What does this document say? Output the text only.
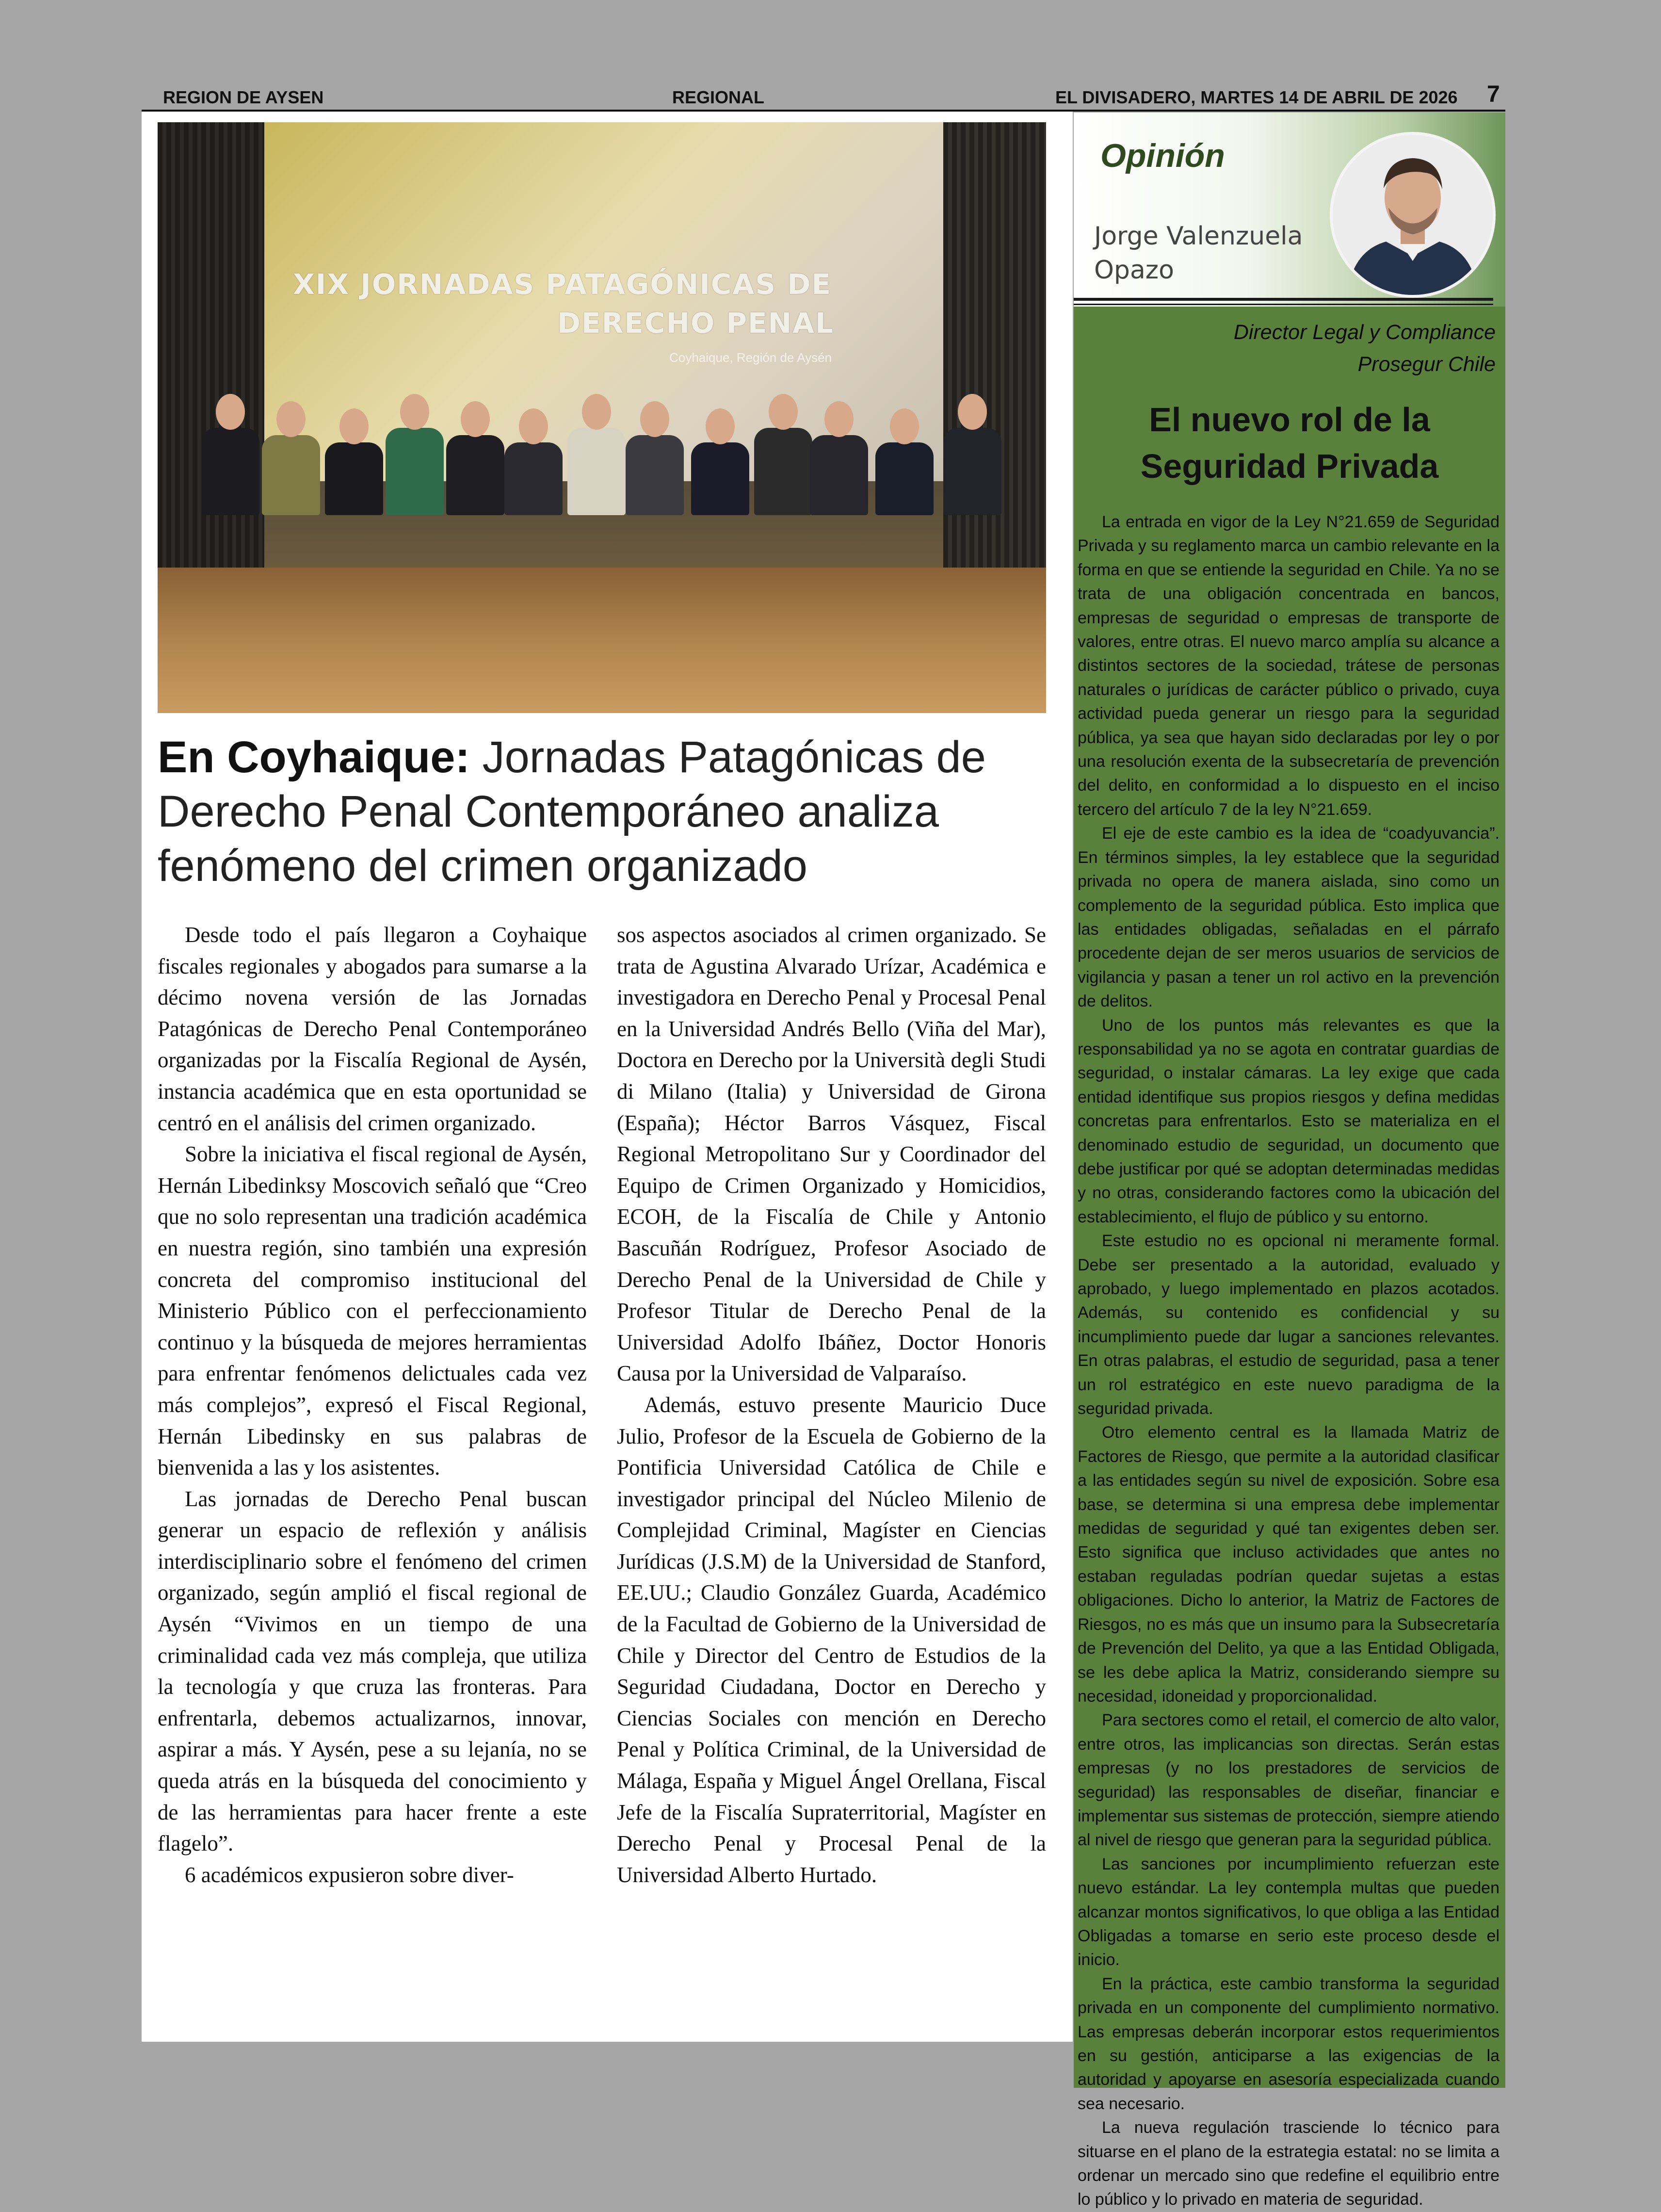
REGION DE AYSEN	REGIONAL	EL DIVISADERO, MARTES 14 DE ABRIL DE 2026 7
XIX JORNADAS PATAGÓNICAS DE
DERECHO PENAL
Coyhaique, Región de Aysén
En Coyhaique: Jornadas Patagónicas de Derecho Penal Contemporáneo analiza fenómeno del crimen organizado

Desde todo el país llegaron a Coyhaique fiscales regionales y abogados para sumarse a la décimo novena versión de las Jornadas Patagónicas de Derecho Penal Contemporáneo organizadas por la Fiscalía Regional de Aysén, instancia académica que en esta oportunidad se centró en el análisis del crimen organizado.

Sobre la iniciativa el fiscal regional de Aysén, Hernán Libedinksy Moscovich señaló que “Creo que no solo representan una tradición académica en nuestra región, sino también una expresión concreta del compromiso institucional del Ministerio Público con el perfeccionamiento continuo y la búsqueda de mejores herramientas para enfrentar fenómenos delictuales cada vez más complejos”, expresó el Fiscal Regional, Hernán Libedinsky en sus palabras de bienvenida a las y los asistentes.

Las jornadas de Derecho Penal buscan generar un espacio de reflexión y análisis interdisciplinario sobre el fenómeno del crimen organizado, según amplió el fiscal regional de Aysén “Vivimos en un tiempo de una criminalidad cada vez más compleja, que utiliza la tecnología y que cruza las fronteras. Para enfrentarla, debemos actualizarnos, innovar, aspirar a más. Y Aysén, pese a su lejanía, no se queda atrás en la búsqueda del conocimiento y de las herramientas para hacer frente a este flagelo”.

6 académicos expusieron sobre diver-

sos aspectos asociados al crimen organizado. Se trata de Agustina Alvarado Urízar, Académica e investigadora en Derecho Penal y Procesal Penal en la Universidad Andrés Bello (Viña del Mar), Doctora en Derecho por la Università degli Studi di Milano (Italia) y Universidad de Girona (España); Héctor Barros Vásquez, Fiscal Regional Metropolitano Sur y Coordinador del Equipo de Crimen Organizado y Homicidios, ECOH, de la Fiscalía de Chile y Antonio Bascuñán Rodríguez, Profesor Asociado de Derecho Penal de la Universidad de Chile y Profesor Titular de Derecho Penal de la Universidad Adolfo Ibáñez, Doctor Honoris Causa por la Universidad de Valparaíso.

Además, estuvo presente Mauricio Duce Julio, Profesor de la Escuela de Gobierno de la Pontificia Universidad Católica de Chile e investigador principal del Núcleo Milenio de Complejidad Criminal, Magíster en Ciencias Jurídicas (J.S.M) de la Universidad de Stanford, EE.UU.; Claudio González Guarda, Académico de la Facultad de Gobierno de la Universidad de Chile y Director del Centro de Estudios de la Seguridad Ciudadana, Doctor en Derecho y Ciencias Sociales con mención en Derecho Penal y Política Criminal, de la Universidad de Málaga, España y Miguel Ángel Orellana, Fiscal Jefe de la Fiscalía Supraterritorial, Magíster en Derecho Penal y Procesal Penal de la Universidad Alberto Hurtado.

Opinión
Jorge Valenzuela
Opazo
Director Legal y Compliance
Prosegur Chile
El nuevo rol de la
Seguridad Privada

La entrada en vigor de la Ley N°21.659 de Seguridad Privada y su reglamento marca un cambio relevante en la forma en que se entiende la seguridad en Chile. Ya no se trata de una obligación concentrada en bancos, empresas de seguridad o empresas de transporte de valores, entre otras. El nuevo marco amplía su alcance a distintos sectores de la sociedad, trátese de personas naturales o jurídicas de carácter público o privado, cuya actividad pueda generar un riesgo para la seguridad pública, ya sea que hayan sido declaradas por ley o por una resolución exenta de la subsecretaría de prevención del delito, en conformidad a lo dispuesto en el inciso tercero del artículo 7 de la ley N°21.659.

El eje de este cambio es la idea de “coadyuvancia”. En términos simples, la ley establece que la seguridad privada no opera de manera aislada, sino como un complemento de la seguridad pública. Esto implica que las entidades obligadas, señaladas en el párrafo procedente dejan de ser meros usuarios de servicios de vigilancia y pasan a tener un rol activo en la prevención de delitos.

Uno de los puntos más relevantes es que la responsabilidad ya no se agota en contratar guardias de seguridad, o instalar cámaras. La ley exige que cada entidad identifique sus propios riesgos y defina medidas concretas para enfrentarlos. Esto se materializa en el denominado estudio de seguridad, un documento que debe justificar por qué se adoptan determinadas medidas y no otras, considerando factores como la ubicación del establecimiento, el flujo de público y su entorno.

Este estudio no es opcional ni meramente formal. Debe ser presentado a la autoridad, evaluado y aprobado, y luego implementado en plazos acotados. Además, su contenido es confidencial y su incumplimiento puede dar lugar a sanciones relevantes. En otras palabras, el estudio de seguridad, pasa a tener un rol estratégico en este nuevo paradigma de la seguridad privada.

Otro elemento central es la llamada Matriz de Factores de Riesgo, que permite a la autoridad clasificar a las entidades según su nivel de exposición. Sobre esa base, se determina si una empresa debe implementar medidas de seguridad y qué tan exigentes deben ser. Esto significa que incluso actividades que antes no estaban reguladas podrían quedar sujetas a estas obligaciones. Dicho lo anterior, la Matriz de Factores de Riesgos, no es más que un insumo para la Subsecretaría de Prevención del Delito, ya que a las Entidad Obligada, se les debe aplica la Matriz, considerando siempre su necesidad, idoneidad y proporcionalidad.

Para sectores como el retail, el comercio de alto valor, entre otros, las implicancias son directas. Serán estas empresas (y no los prestadores de servicios de seguridad) las responsables de diseñar, financiar e implementar sus sistemas de protección, siempre atiendo al nivel de riesgo que generan para la seguridad pública.

Las sanciones por incumplimiento refuerzan este nuevo estándar. La ley contempla multas que pueden alcanzar montos significativos, lo que obliga a las Entidad Obligadas a tomarse en serio este proceso desde el inicio.

En la práctica, este cambio transforma la seguridad privada en un componente del cumplimiento normativo. Las empresas deberán incorporar estos requerimientos en su gestión, anticiparse a las exigencias de la autoridad y apoyarse en asesoría especializada cuando sea necesario.

La nueva regulación trasciende lo técnico para situarse en el plano de la estrategia estatal: no se limita a ordenar un mercado sino que redefine el equilibrio entre lo público y lo privado en materia de seguridad.
